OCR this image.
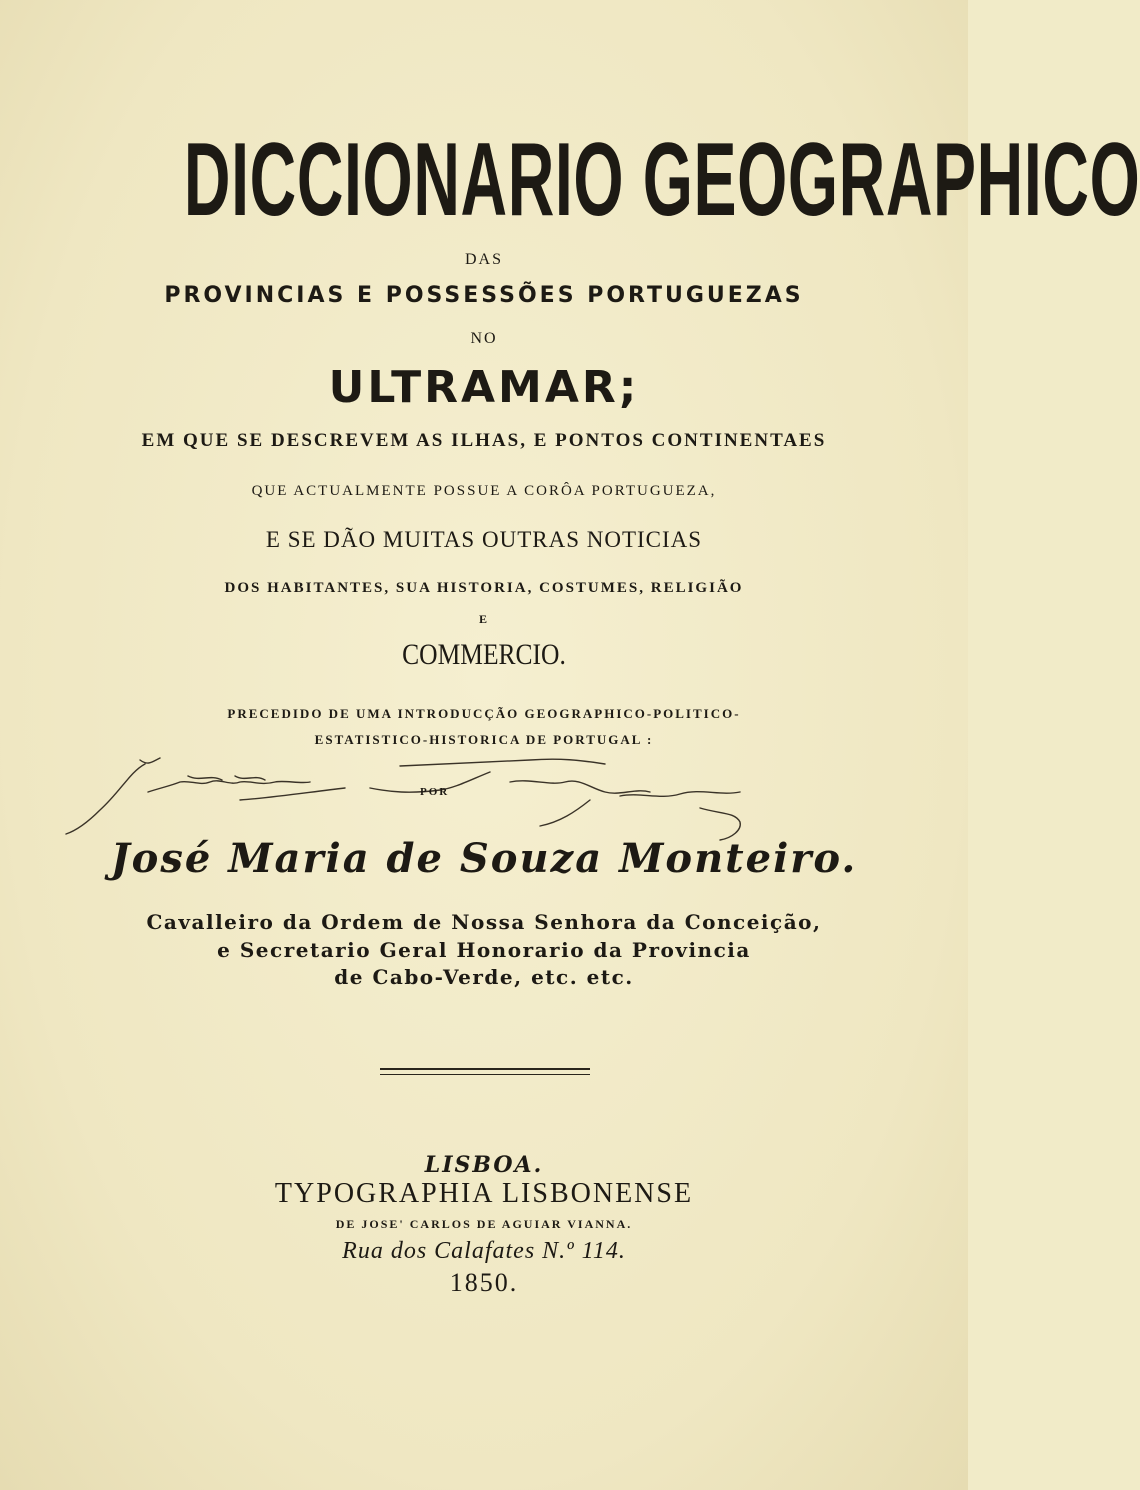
DICCIONARIO GEOGRAPHICO
DAS
PROVINCIAS E POSSESSÕES PORTUGUEZAS
NO
ULTRAMAR;
EM QUE SE DESCREVEM AS ILHAS, E PONTOS CONTINENTAES
QUE ACTUALMENTE POSSUE A CORÔA PORTUGUEZA,
E SE DÃO MUITAS OUTRAS NOTICIAS
DOS HABITANTES, SUA HISTORIA, COSTUMES, RELIGIÃO
E
COMMERCIO.
PRECEDIDO DE UMA INTRODUCÇÃO GEOGRAPHICO-POLITICO-
ESTATISTICO-HISTORICA DE PORTUGAL :
POR
José Maria de Souza Monteiro.
Cavalleiro da Ordem de Nossa Senhora da Conceição,
e Secretario Geral Honorario da Provincia
de Cabo-Verde, etc. etc.
LISBOA.
TYPOGRAPHIA LISBONENSE
DE JOSE' CARLOS DE AGUIAR VIANNA.
Rua dos Calafates N.º 114.
1850.
